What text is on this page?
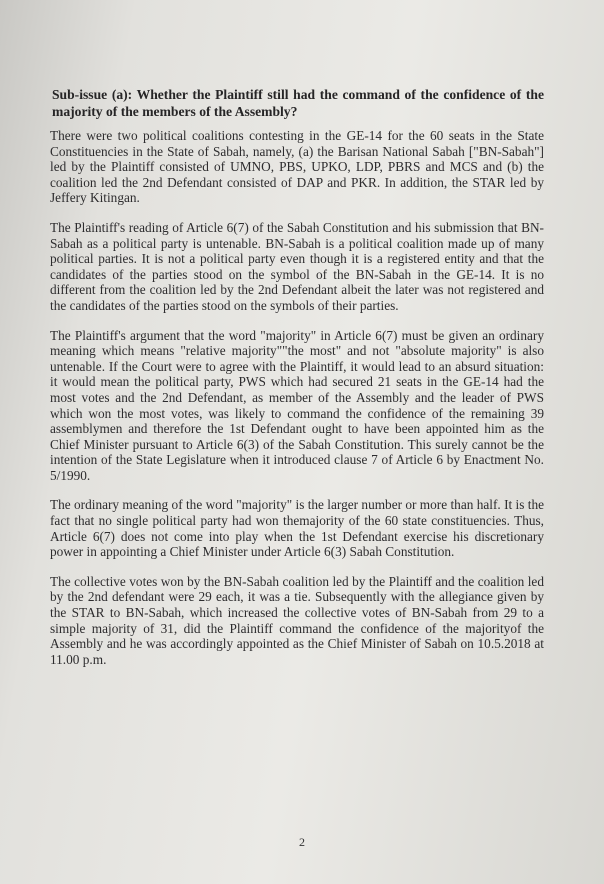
Sub-issue (a): Whether the Plaintiff still had the command of the confidence of the majority of the members of the Assembly?

There were two political coalitions contesting in the GE-14 for the 60 seats in the State Constituencies in the State of Sabah, namely, (a) the Barisan National Sabah ["BN-Sabah"] led by the Plaintiff consisted of UMNO, PBS, UPKO, LDP, PBRS and MCS and (b) the coalition led the 2nd Defendant consisted of DAP and PKR. In addition, the STAR led by Jeffery Kitingan.

The Plaintiff's reading of Article 6(7) of the Sabah Constitution and his submission that BN-Sabah as a political party is untenable. BN-Sabah is a political coalition made up of many political parties. It is not a political party even though it is a registered entity and that the candidates of the parties stood on the symbol of the BN-Sabah in the GE-14. It is no different from the coalition led by the 2nd Defendant albeit the later was not registered and the candidates of the parties stood on the symbols of their parties.

The Plaintiff's argument that the word "majority" in Article 6(7) must be given an ordinary meaning which means "relative majority""the most" and not "absolute majority" is also untenable. If the Court were to agree with the Plaintiff, it would lead to an absurd situation: it would mean the political party, PWS which had secured 21 seats in the GE-14 had the most votes and the 2nd Defendant, as member of the Assembly and the leader of PWS which won the most votes, was likely to command the confidence of the remaining 39 assemblymen and therefore the 1st Defendant ought to have been appointed him as the Chief Minister pursuant to Article 6(3) of the Sabah Constitution. This surely cannot be the intention of the State Legislature when it introduced clause 7 of Article 6 by Enactment No. 5/1990.

The ordinary meaning of the word "majority" is the larger number or more than half. It is the fact that no single political party had won themajority of the 60 state constituencies. Thus, Article 6(7) does not come into play when the 1st Defendant exercise his discretionary power in appointing a Chief Minister under Article 6(3) Sabah Constitution.

The collective votes won by the BN-Sabah coalition led by the Plaintiff and the coalition led by the 2nd defendant were 29 each, it was a tie. Subsequently with the allegiance given by the STAR to BN-Sabah, which increased the collective votes of BN-Sabah from 29 to a simple majority of 31, did the Plaintiff command the confidence of the majorityof the Assembly and he was accordingly appointed as the Chief Minister of Sabah on 10.5.2018 at 11.00 p.m.

2
